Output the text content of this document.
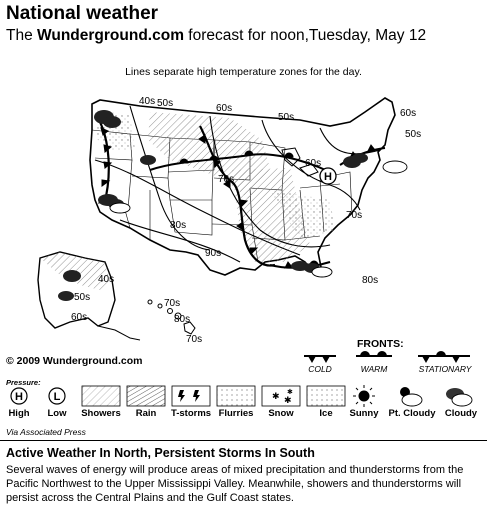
National weather
The Wunderground.com forecast for noon,Tuesday, May 12
Lines separate high temperature zones for the day.
40s 50s	60s
50s	60s
50s
60s
70s
70s
80s
90s
70s
80s
40s
50s
60s	80s
70s
H
COLD	WARM	STATIONARY
© 2009 Wunderground.com
FRONTS:
Pressure:
H	L	✱ ✱
✱
High	Low	Showers	Rain	T-storms Flurries	Snow	Ice	Sunny	Pt. Cloudy Cloudy
Via Associated Press
Active Weather In North, Persistent Storms In South
Several waves of energy will produce areas of mixed precipitation and thunderstorms from the Pacific Northwest to the Upper Mississippi Valley. Meanwhile, showers and thunderstorms will persist across the Central Plains and the Gulf Coast states.
